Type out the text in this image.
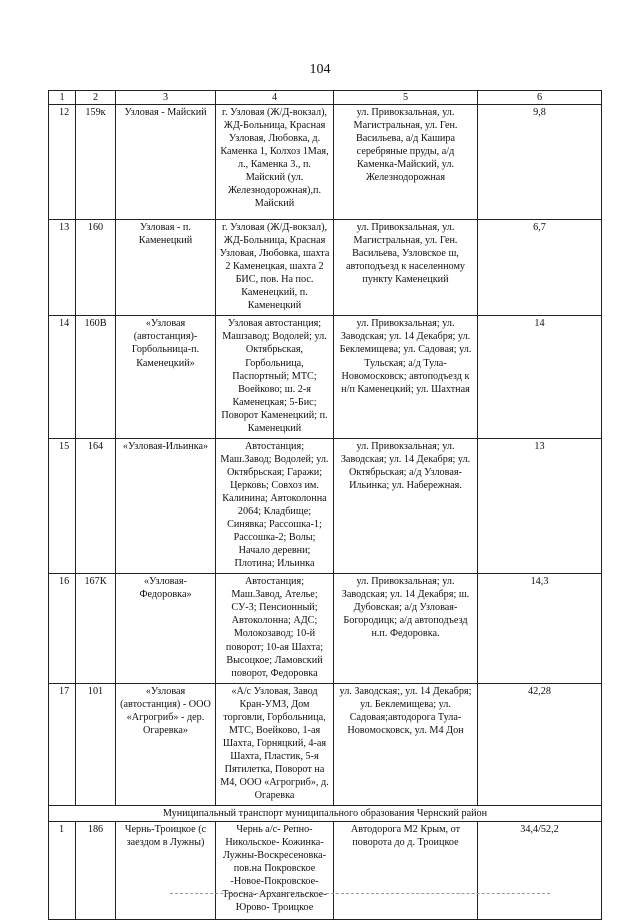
104
1	2	3	4	5	6
12	159к	Узловая - Майский	г. Узловая (Ж/Д-вокзал), ЖД-Больница, Красная Узловая, Любовка, д. Каменка 1, Колхоз 1Мая, л., Каменка 3., п. Майский (ул. Железнодорожная),п. Майский	ул. Привокзальная, ул. Магистральная, ул. Ген. Васильева, а/д Кашира серебряные пруды, а/д Каменка-Майский, ул. Железнодорожная	9,8
13	160	Узловая - п. Каменецкий	г. Узловая (Ж/Д-вокзал), ЖД-Больница, Красная Узловая, Любовка, шахта 2 Каменецкая, шахта 2 БИС, пов. На пос. Каменецкий, п. Каменецкий	ул. Привокзальная, ул. Магистральная, ул. Ген. Васильева, Узловское ш, автоподъезд к населенному пункту Каменецкий	6,7
14	160В	«Узловая (автостанция)- Горбольница-п. Каменецкий»	Узловая автостанция; Машзавод; Водолей; ул. Октябрьская, Горбольница, Паспортный; МТС; Воейково; ш. 2-я Каменецкая; 5-Бис; Поворот Каменецкий; п. Каменецкий	ул. Привокзальная; ул. Заводская; ул. 14 Декабря; ул. Беклемищева; ул. Садовая; ул. Тульская; а/д Тула-Новомосковск; автоподъезд к н/п Каменецкий; ул. Шахтная	14
15	164	«Узловая-Ильинка»	Автостанция; Маш.Завод; Водолей; ул. Октябрьская; Гаражи; Церковь; Совхоз им. Калинина; Автоколонна 2064; Кладбище; Синявка; Рассошка-1; Рассошка-2; Волы; Начало деревни; Плотина; Ильинка	ул. Привокзальная; ул. Заводская; ул. 14 Декабря; ул. Октябрьская; а/д Узловая-Ильинка; ул. Набережная.	13
16	167К	«Узловая- Федоровка»	Автостанция; Маш.Завод, Ателье; СУ-3; Пенсионный; Автоколонна; АДС; Молокозавод; 10-й поворот; 10-ая Шахта; Высоцкое; Ламовский поворот, Федоровка	ул. Привокзальная; ул. Заводская; ул. 14 Декабря; ш. Дубовская; а/д Узловая-Богородицк; а/д автоподъезд н.п. Федоровка.	14,3
17	101	«Узловая (автостанция) - ООО «Агрогриб» - дер. Огаревка»	«А/с Узловая, Завод Кран-УМЗ, Дом торговли, Горбольница, МТС, Воейково, 1-ая Шахта, Горняцкий, 4-ая Шахта, Пластик, 5-я Пятилетка, Поворот на М4, ООО «Агрогриб», д. Огаревка	ул. Заводская;, ул. 14 Декабря; ул. Беклемищева; ул. Садовая;автодорога Тула-Новомосковск, ул. М4 Дон	42,28
Муниципальный транспорт муниципального образования Чернский район					
1	186	Чернь-Троицкое (с заездом в Лужны)	Чернь а/с- Репно-Никольское- Кожинка-Лужны-Воскресеновка-пов.на Покровское -Новое-Покровское-Тросна- Архангельское-Юрово- Троицкое	Автодорога М2 Крым, от поворота до д. Троицкое	34,4/52,2
